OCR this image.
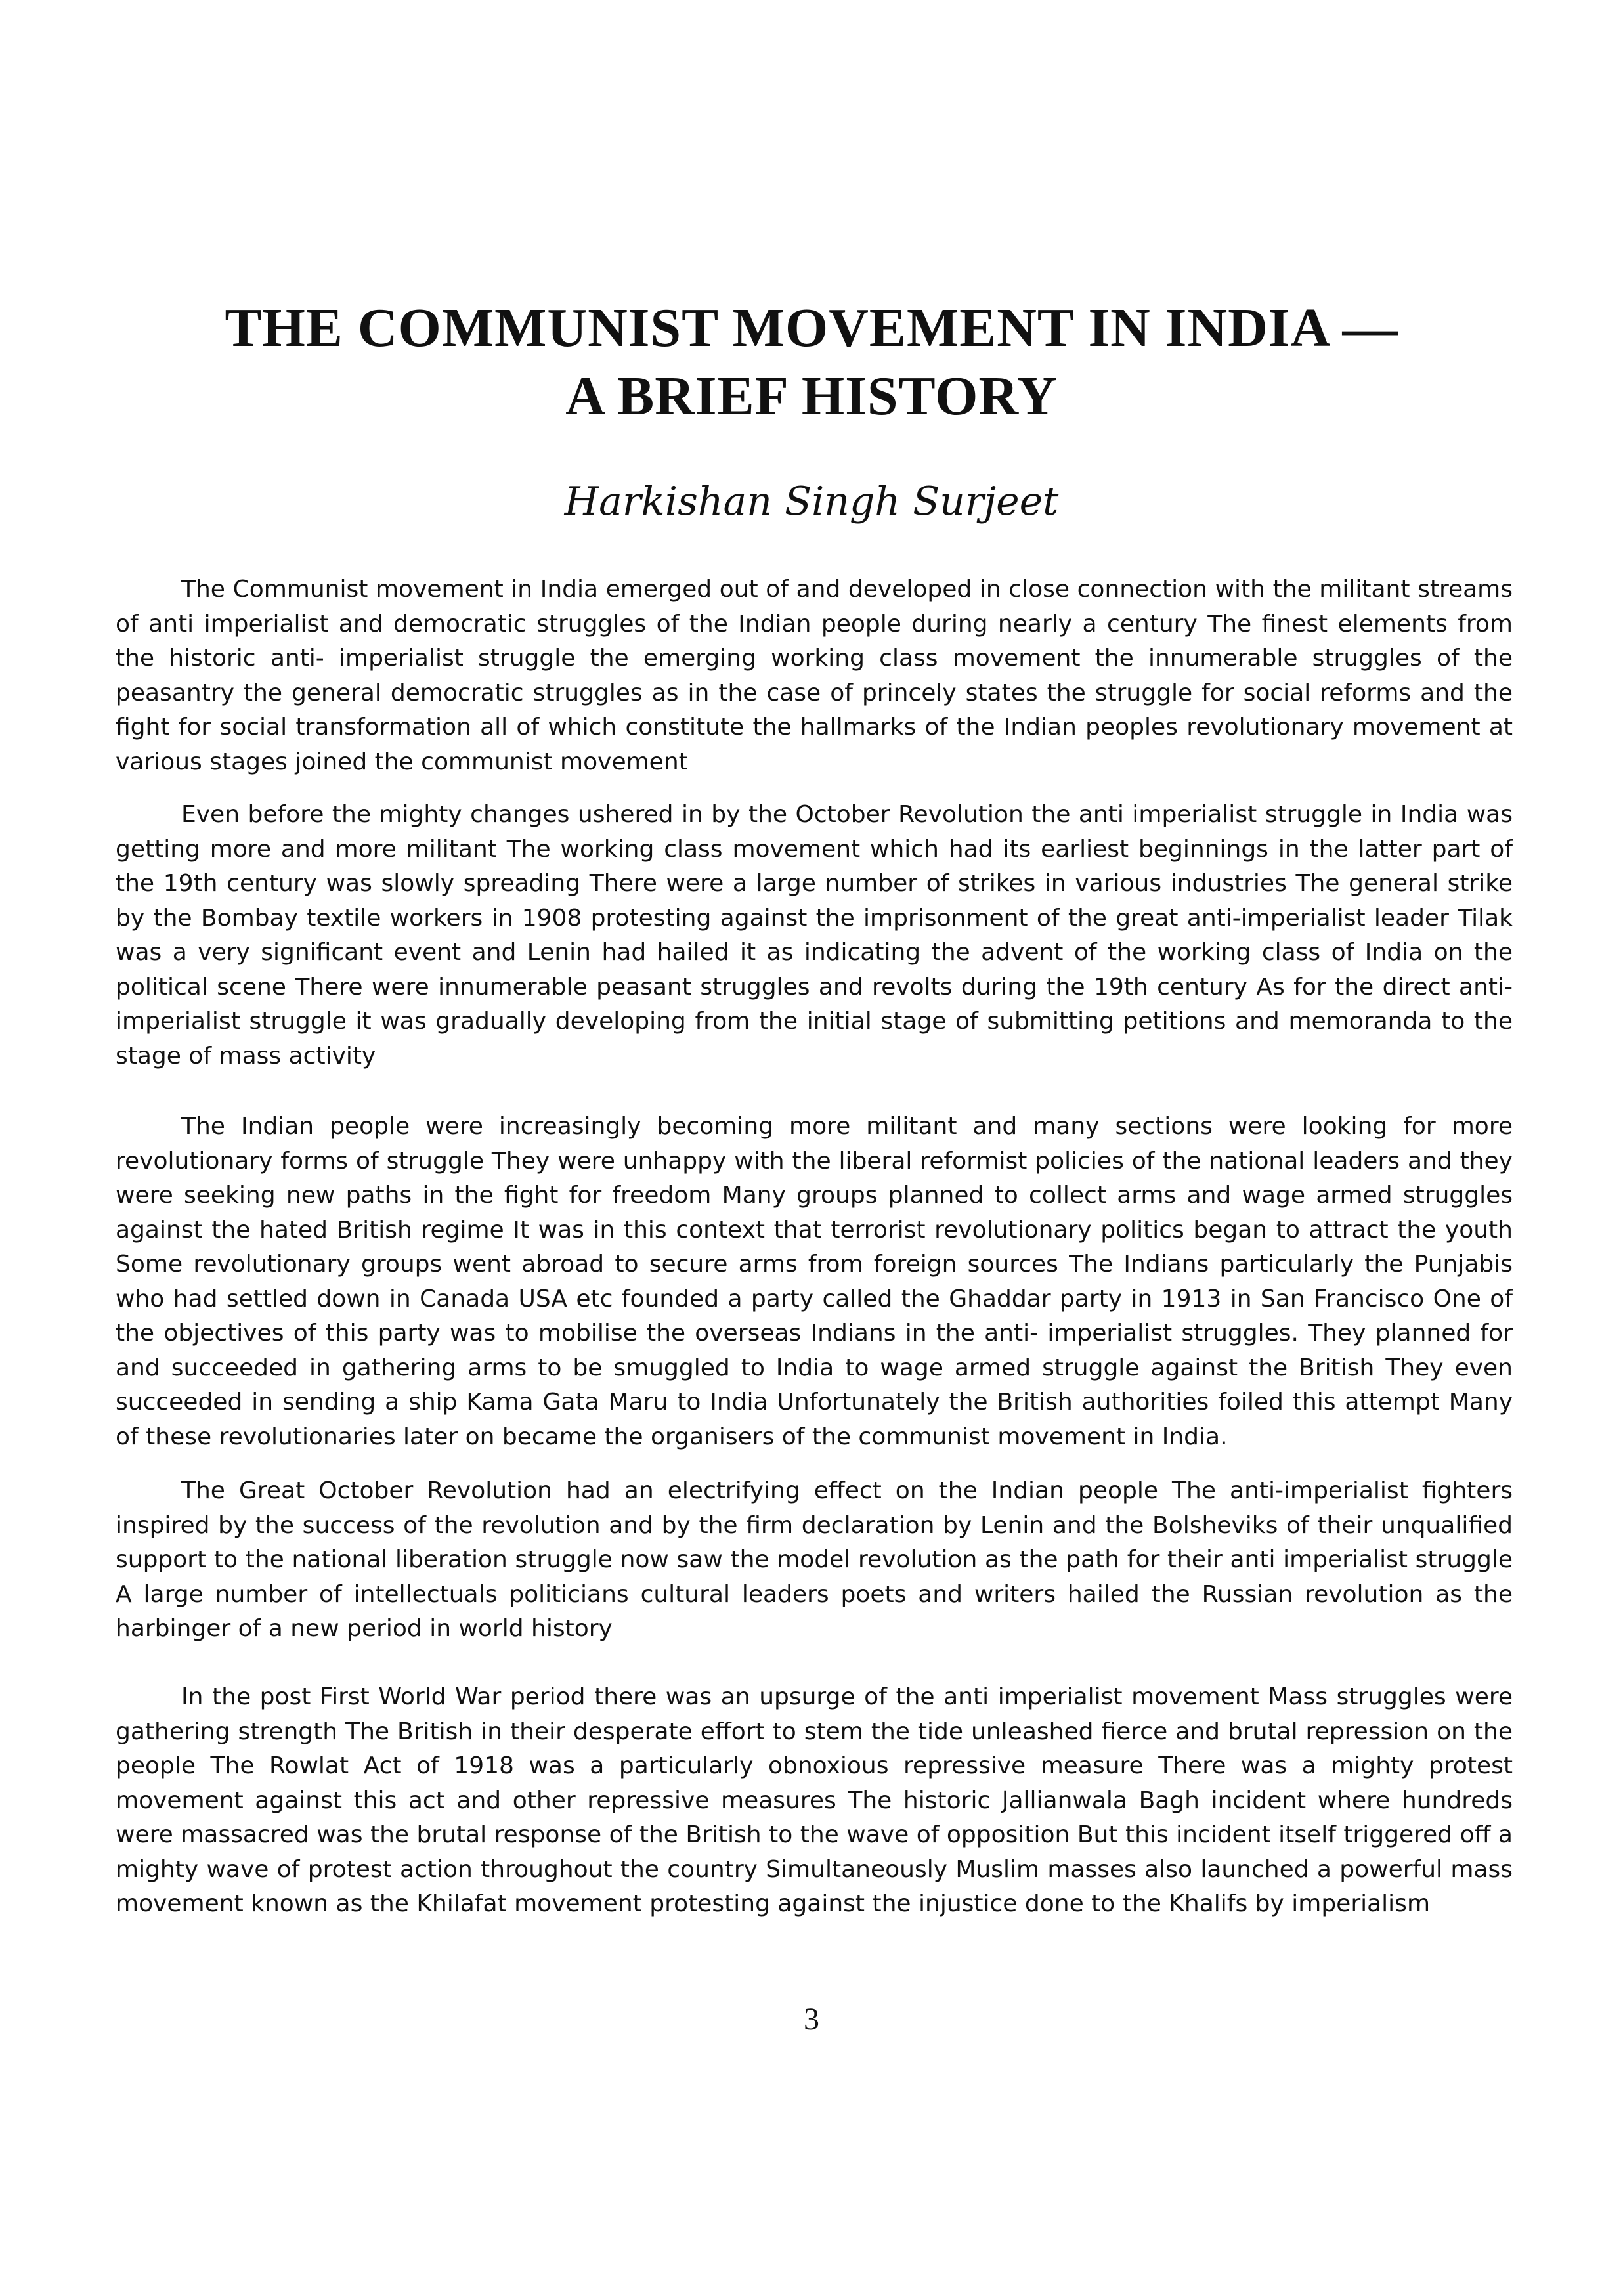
THE COMMUNIST MOVEMENT IN INDIA —
A BRIEF HISTORY

Harkishan Singh Surjeet

The Communist movement in India emerged out of and developed in close connection with the militant streams of anti imperialist and democratic struggles of the Indian people during nearly a century The finest elements from the historic anti- imperialist struggle the emerging working class movement the innumerable struggles of the peasantry the general democratic struggles as in the case of princely states the struggle for social reforms and the fight for social transformation all of which constitute the hallmarks of the Indian peoples revolutionary movement at various stages joined the communist movement

Even before the mighty changes ushered in by the October Revolution the anti imperialist struggle in India was getting more and more militant The working class movement which had its earliest beginnings in the latter part of the 19th century was slowly spreading There were a large number of strikes in various industries The general strike by the Bombay textile workers in 1908 protesting against the imprisonment of the great anti-imperialist leader Tilak was a very significant event and Lenin had hailed it as indicating the advent of the working class of India on the political scene There were innumerable peasant struggles and revolts during the 19th century As for the direct anti-imperialist struggle it was gradually developing from the initial stage of submitting petitions and memoranda to the stage of mass activity

The Indian people were increasingly becoming more militant and many sections were looking for more revolutionary forms of struggle They were unhappy with the liberal reformist policies of the national leaders and they were seeking new paths in the fight for freedom Many groups planned to collect arms and wage armed struggles against the hated British regime It was in this context that terrorist revolutionary politics began to attract the youth Some revolutionary groups went abroad to secure arms from foreign sources The Indians particularly the Punjabis who had settled down in Canada USA etc founded a party called the Ghaddar party in 1913 in San Francisco One of the objectives of this party was to mobilise the overseas Indians in the anti- imperialist struggles. They planned for and succeeded in gathering arms to be smuggled to India to wage armed struggle against the British They even succeeded in sending a ship Kama Gata Maru to India Unfortunately the British authorities foiled this attempt Many of these revolutionaries later on became the organisers of the communist movement in India.

The Great October Revolution had an electrifying effect on the Indian people The anti-imperialist fighters inspired by the success of the revolution and by the firm declaration by Lenin and the Bolsheviks of their unqualified support to the national liberation struggle now saw the model revolution as the path for their anti imperialist struggle A large number of intellectuals politicians cultural leaders poets and writers hailed the Russian revolution as the harbinger of a new period in world history

In the post First World War period there was an upsurge of the anti imperialist movement Mass struggles were gathering strength The British in their desperate effort to stem the tide unleashed fierce and brutal repression on the people The Rowlat Act of 1918 was a particularly obnoxious repressive measure There was a mighty protest movement against this act and other repressive measures The historic Jallianwala Bagh incident where hundreds were massacred was the brutal response of the British to the wave of opposition But this incident itself triggered off a mighty wave of protest action throughout the country Simultaneously Muslim masses also launched a powerful mass movement known as the Khilafat movement protesting against the injustice done to the Khalifs by imperialism

3
